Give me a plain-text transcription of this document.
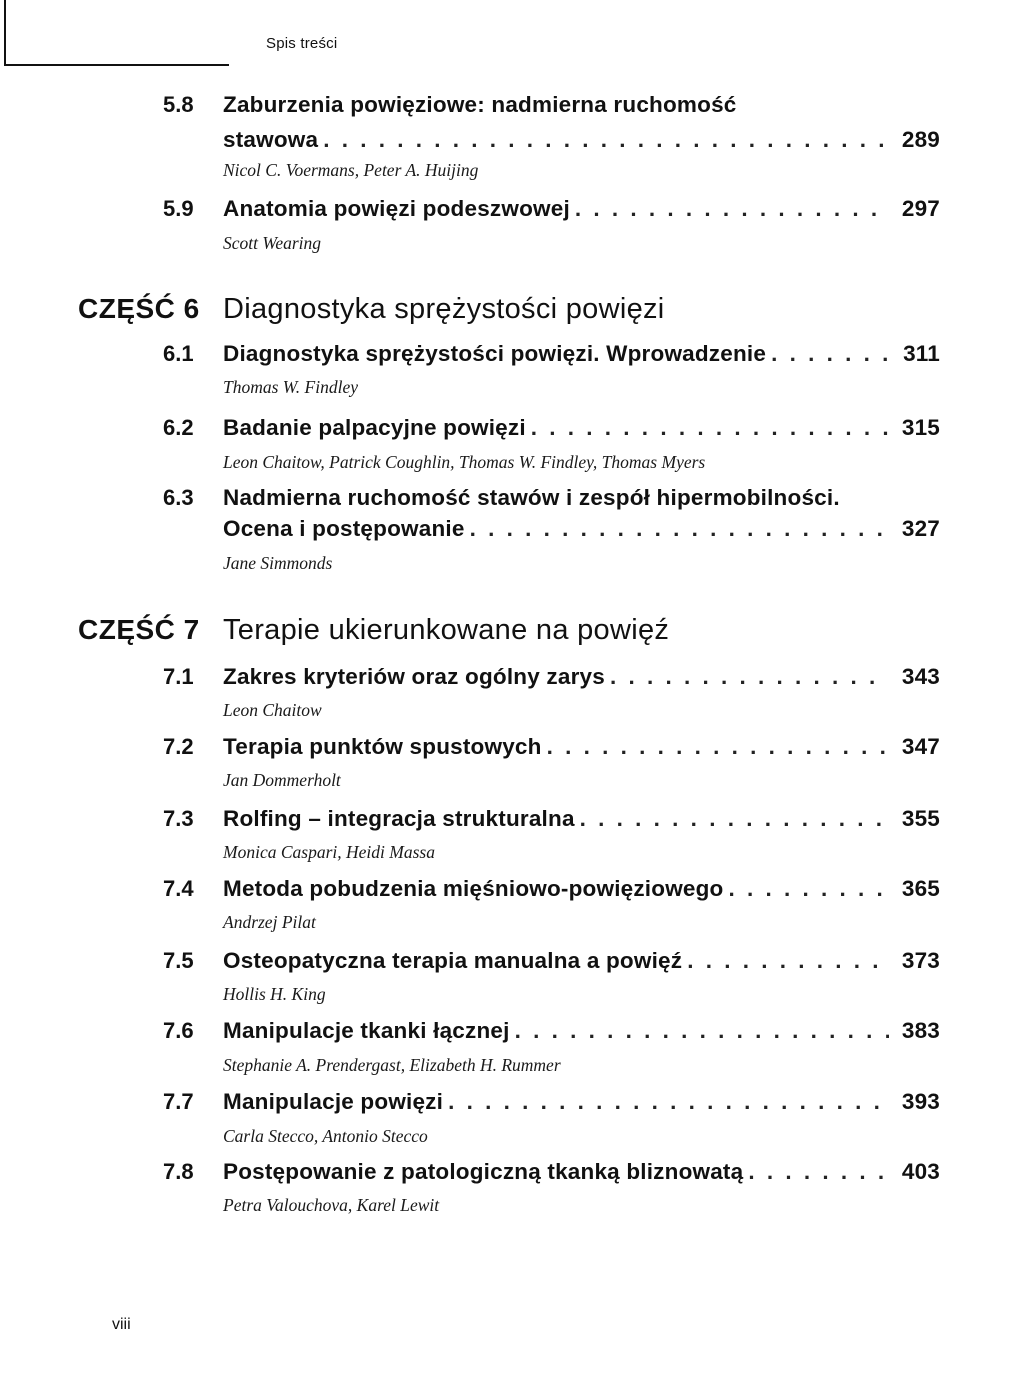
Spis treści
5.8 Zaburzenia powięziowe: nadmierna ruchomość
stawowa . . .	289
Nicol C. Voermans, Peter A. Huijing
5.9 Anatomia powięzi podeszwowej . . .	297
Scott Wearing
CZĘŚĆ 6 Diagnostyka sprężystości powięzi
6.1 Diagnostyka sprężystości powięzi. Wprowadzenie . . .	311
Thomas W. Findley
6.2 Badanie palpacyjne powięzi . . .	315
Leon Chaitow, Patrick Coughlin, Thomas W. Findley, Thomas Myers
6.3 Nadmierna ruchomość stawów i zespół hipermobilności.
Ocena i postępowanie . . .	327
Jane Simmonds
CZĘŚĆ 7 Terapie ukierunkowane na powięź
7.1 Zakres kryteriów oraz ogólny zarys . . .	343
Leon Chaitow
7.2 Terapia punktów spustowych . . .	347
Jan Dommerholt
7.3 Rolfing – integracja strukturalna . . .	355
Monica Caspari, Heidi Massa
7.4 Metoda pobudzenia mięśniowo-powięziowego . . .	365
Andrzej Pilat
7.5 Osteopatyczna terapia manualna a powięź . . .	373
Hollis H. King
7.6 Manipulacje tkanki łącznej . . .	383
Stephanie A. Prendergast, Elizabeth H. Rummer
7.7 Manipulacje powięzi . . .	393
Carla Stecco, Antonio Stecco
7.8 Postępowanie z patologiczną tkanką bliznowatą . . .	403
Petra Valouchova, Karel Lewit
viii
